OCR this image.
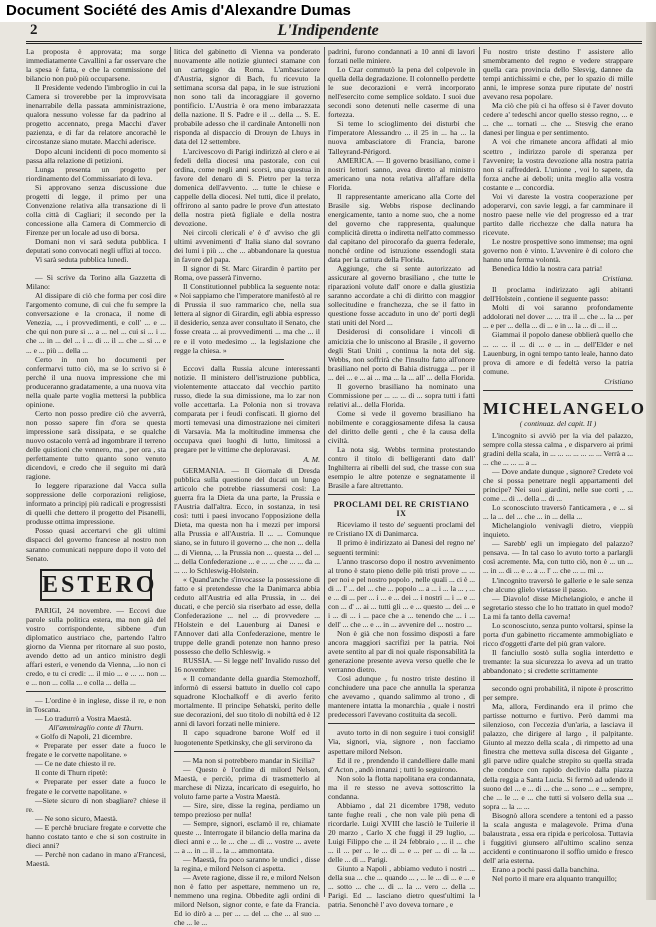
Document Société des Amis d'Alexandre Dumas
2	L'Indipendente

La proposta è approvata; ma sorge immediatamente Cavallini a far osservare che la spesa è fatta, e che la commissione del bilancio non può più occuparsene.

Il Presidente vedendo l'imbroglio in cui la Camera si troverebbe per la improvvisata inenarrabile della passata amministrazione, qualora nessuno volesse far da padrino al progetto accennato, prega Macchi d'aver pazienza, e di far da relatore ancorachè le circostanze siano mutate. Macchi aderisce.

Dopo alcuni incidenti di poco momento si passa alla relazione di petizioni.

Lunga presenta un progetto per riordinamento del Commissariato di leva.

Si approvano senza discussione due progetti di legge, il primo per una Convenzione relativa alla transazione di lì colla città di Cagliari; il secondo per la concessione alla Camera di Commercio di Firenze per un locale ad uso di borsa.

Domani non vi sarà seduta pubblica. I deputati sono convocati negli uffizi al tocco.

Vi sarà seduta pubblica lunedì.

— Si scrive da Torino alla Gazzetta di Milano:

Al dissipare di ciò che forma per così dire l'argomento comune, di cui che fu sempre la conversazione e la cronaca, il nome di Venezia, ..., i provvedimenti, e coll' ... e ... che qui non pure si ... a ... nel ... cui si ... i ... che ... in ... del ... i ... di ... il ... che ... si ... e ... e ... più ... della ...

Certo in non ho documenti per confermarvi tutto ciò, ma se lo scrivo si è perchè il una nuova impressione che mi produceranno gradatamente, a una nuova vita nella quale parte voglia mettersi la pubblica opinione.

Certo non posso predire ciò che avverrà, non posso sapere fin d'ora se questa impressione sarà dissipata, e se qualche nuovo ostacolo verrà ad ingombrare il terreno delle quistioni che vennero, ma , per ora , sta perfettamente tutto quanto sono venuto dicendovi, e credo che il seguito mi darà ragione.

Io leggere riparazione dal Vacca sulla soppressione delle corporazioni religiose, informato a principj più radicali e progressisti di quelli che dettero il progetto del Pisanelli, produsse ottima impressione.

Posso quasi accertarvi che gli ultimi dispacci del governo francese al nostro non saranno comunicati neppure dopo il voto del Senato.

ESTERO

PARIGI, 24 novembre. — Eccovi due parole sulla politica estera, ma non già del vostro corrispondente, sibbene d'un diplomatico austriaco che, partendo l'altro giorno da Vienna per ritornare al suo posto, avendo detto ad un antico ministro degli affari esteri, e venendo da Vienna, ...io non ci credo, e tu ci credi: ... il mio ... e ... ... non ... e ... non ... colla ... e colla ... della ...

— L'ordine è in inglese, disse il re, e non in Toscana.

— Lo tradurrò a Vostra Maestà.

All'ammiraglio conte di Thurn.

« Golfo di Napoli, 21 dicembre.

« Preparate per esser date a fuoco le fregate e le corvette napolitane. »

— Ce ne date chiesto il re.

Il conte di Thurn ripetè:

« Preparate per esser date a fuoco le fregate e le corvette napolitane. »

—Siete sicuro di non sbagliare? chiese il re.

— Ne sono sicuro, Maestà.

— E perchè bruciare fregate e corvette che hanno costato tanto e che si son costruite in dieci anni?

— Perchè non cadano in mano a'Francesi, Maestà.

litica del gabinetto di Vienna va ponderato nuovamente alle notizie giunteci stamane con un carteggio da Roma. L'ambasciatore d'Austria, signor di Bach, fu ricevuto la settimana scorsa dal papa, in le sue istruzioni non sono tali da incoraggiare il governo pontificio. L'Austria è ora meno imbarazzata della nazione. Il S. Padre e il ... della ... S. E. probabile adesso che il cardinale Antonelli non risponda al dispaccio di Drouyn de Lhuys in data del 12 settembre.

L'arcivescovo di Parigi indirizzò al clero e ai fedeli della diocesi una pastorale, con cui ordina, come negli anni scorsi, una questua in favore del denaro di S. Pietro per la terza domenica dell'avvento. ... tutte le chiese e cappelle della diocesi. Nel tutti, dice il prelato, offrirono al santo padre le prove d'un attestato della nostra pietà figliale e della nostra devozione.

Nei circoli clericali e' è d' avviso che gli ultimi avvenimenti d' Italia siano dal sovrano dei lumi i più ... che ... abbandonare la questua in favore del papa.

Il signor di St. Marc Girardin è partito per Roma, ove passerà l'inverno.

Il Constitutionnel pubblica la seguente nota: « Noi sappiamo che l'imperatore manifestò al re di Prussia il suo rammarico che, nella sua lettera al signor di Girardin, egli abbia espresso il desiderio, senza aver consultato il Senato, che fosse creata ... ai provvedimenti ... ma che ... il re e il voto medesimo ... la legislazione che regge la chiesa. »

Eccovi dalla Russia alcune interessanti notizie. Il ministero dell'istruzione pubblica, violentemente attaccato dal vecchio partito russo, diede la sua dimissione, ma lo zar non volle accettarla. La Polonia non si trovava comparata per i feudi confiscati. Il giorno del morti temevasi una dimostrazione nei cimiteri di Varsavia. Ma la moltitudine immensa che occupava quei luoghi di lutto, limitossi a pregare per le vittime che deploravasi.

A. M.

GERMANIA. — Il Giornale di Dresda pubblica sulla questione del ducati un lungo articolo che potrebbe riassumersi così: La guerra fra la Dieta da una parte, la Prussia e l'Austria dall'altra. Ecco, in sostanza, in tesi così: tutti i paesi invocano l'opposizione della Dieta, ma questa non ha i mezzi per imporsi alla Prussia e all'Austria. Il ... ... Comunque siano, se in futuro il governo ... che non ... della ... di Vienna, ... la Prussia non ... questa ... del ... ... della Confederazione ... e ... ... che ... ... da ... ... ... lo Schleswig-Holstein.

« Quand'anche s'invocasse la possessione di fatto e si pretendesse che la Danimarca abbia ceduto all'Austria ed alla Prussia, in ... dei ducati, e che perciò sia riserbato ad esse, della Confederazione ... nel ... di provvedere ... l'Holstein e del Lauenburg ai Danesi e l'Annover dati alla Confederazione, mentre le truppe delle grandi potenze non hanno preso possesso che dello Schleswig. »

RUSSIA. — Si legge nell' Invalido russo del 16 novembre:

« Il comandante della guardia Stemozhoff, informò di essersi battuto in duello col capo squadrone Klochalkoff e di averlo ferito mortalmente. Il principe Sehatski, perito delle sue decorazioni, del suo titolo di nobiltà ed è 12 anni di lavori forzati nelle miniere.

Il capo squadrone barone Wolf ed il luogotenente Spetkinsky, che gli servirono da

— Ma non si potrebbero mandar in Sicilia?

— Questo è l'ordine di milord Nelson, Maestà, e perciò, prima di trasmetterlo al marchese di Nizza, incaricato di eseguirlo, ho voluto farne parte a Vostra Maestà.

— Sire, sire, disse la regina, perdiamo un tempo prezioso per nulla!

— Sempre, signori, esclamò il re, chiamate queste ... Interrogate il bilancio della marina da dieci anni e ... le ... che ... di ... vostre ... avete ... a ... in ... il ... la ... ammontata.

— Maestà, fra poco saranno le undici , disse la regina, e milord Nelson ci aspetta.

— Avete ragione, disse il re, e milord Nelson non è fatto per aspettare, nemmeno un re, nemmeno una regina. Obbedite agli ordini di milord Nelson, signor conte, e fate da Francia. Ed io dirò a ... per ... ... del ... che ... al suo ... che ... le ...

padrini, furono condannati a 10 anni di lavori forzati nelle miniere.

Lo Czar commutò la pena del colpevole in quella della degradazione. Il colonnello perdette le sue decorazioni e verrà incorporato nell'esercito come semplice soldato. I suoi due secondi sono detenuti nelle caserme di una fortezza.

Si teme lo scioglimento dei disturbi che l'imperatore Alessandro ... il 25 in ... ha ... la nuova ambasciatore di Francia, barone Talleyrand-Périgord.

AMERICA. — Il governo brasiliano, come i nostri lettori sanno, avea diretto al ministro americano una nota relativa all'affare della Florida.

Il rappresentante americano alla Corte del Brasile sig. Webbs rispose declinando energicamente, tanto a nome suo, che a nome del governo che rappresenta, qualunque complicità diretta o indiretta nell'atto commesso dal capitano del pirocorafo da guerra federale, nonché ordine od istruzione essendogli stata data per la cattura della Florida.

Aggiunge, che si sente autorizzato ad assicurare al governo brasiliano , che tutte le riparazioni volute dall' onore e dalla giustizia saranno accordate a chi di diritto con maggior sollecitudine e franchezza, che se il fatto in questione fosse accaduto in uno de' porti degli stati uniti del Nord ...

Desiderosi di consolidare i vincoli di amicizia che lo uniscono al Brasile , il governo degli Stati Uniti , continua la nota del sig. Webbs, non soffrirà che l'insulto fatto all'onore brasiliano nel porto di Bahia distrugga ... per il ... dei ... e ... ai ... ma ... la ... all' ... della Florida.

Il governo brasiliano ha nominato una Commissione per ... ... ... di ... sopra tutti i fatti relativi al... della Florida.

Come si vede il governo brasiliano ha nobilmente e coraggiosamente difesa la causa del diritto delle genti , che è la causa della civiltà.

La nota sig. Webbs termina protestando contro il titolo di belligeranti dato dall' Inghilterra ai ribelli del sud, che trasse con sua esempio le altre potenze e segnatamente il Brasile a fare altrettanto.

PROCLAMI DEL RE CRISTIANO IX

Riceviamo il testo de' seguenti proclami del re Cristiano IX di Danimarca.

Il primo è indirizzato ai Danesi del regno ne' seguenti termini:

L'anno trascorso dopo il nostro avvenimento al trono è stato pieno delle più tristi prove ... ... per noi e pel nostro popolo , nelle quali ... ci è ... di ... l' ... del ... che ... popolo ... a ... i ... la ... , ... e ... di ... per ... i ... e ... dei ... i nostri ... i ... e ... con ... d' ... ai ... tutti gli ... e ... questo ... dei ... e i ... di ... i ... pace che a ... tenendo che ... i ... dell' ... che ... e ... in ... avvenire del ... nostro ...

Non è già che non fossimo disposti a fare ancora maggiori sacrifizi per la patria. Noi avete sentito al par di noi quale risponsabilità la generazione presente aveva verso quelle che le verranno dietro.

Così adunque , fu nostro triste destino il conchiudere una pace che annulla la speranza che avevamo , quando salimmo al trono , di mantenere intatta la monarchia , quale i nostri predecessori l'avevano costituita da secoli.

avuto torto in di non seguire i tuoi consigli! Via, signori, via, signore , non facciamo aspettare milord Nelson.

Ed il re , prendendo il candelliere dalle mani d' Acton , andò innanzi ; tutti lo seguirono.

Non solo la flotta napolitana era condannata, ma il re stesso ne aveva sottoscritto la condanna.

Abbiamo , dal 21 dicembre 1798, veduto tante fughe reali , che non vale più pena di ricordarle. Luigi XVIII che lasciò le Tuilerie il 20 marzo , Carlo X che fuggì il 29 luglio, ... Luigi Filippo che ... il 24 febbraio , ... il ... che ... il ... per ... le ... di ... e ... per ... di ... la ... delle ... di ... Parigi.

Giunto a Napoli , abbiamo veduto i nostri ... della sua ... che ... quando ... , ... le ... di ... e ... e ... sotto ... che ... di ... la ... vero ... della ... Parigi. Ed ... lasciano dietro quest'ultimi la patria. Senonchè l' avo doveva tornare , e

Fu nostro triste destino l' assistere allo smembramento del regno e vedere strappare quella cara provincia dello Slesvig, dannee da tempi antichissimi e che, per lo spazio di mille anni, le imprese sonza pure riputate de' nostri avevano resa popolare.

Ma ciò che più ci ha offeso si è l'aver dovuto cedere a' tedeschi ancor quello stesso regno, ... e ... che ... tornati ... che ... Stesvig che erano danesi per lingua e per sentimento.

A voi che rimanete ancora affidati al mio scettro , indirizzo parole di speranza per l'avvenire; la vostra devozione alla nostra patria non si raffredderà. L'unione , voi lo sapete, da forza anche ai deboli; unita meglio alla vostra costante e ... concordia.

Voi vi dareste la vostra cooperazione per adoperarvi, con savie leggi, a far camminare il nostro paese nelle vie del progresso ed a trar partito dalle ricchezze che dalla natura ha ricevute.

Le nostre prospettive sono immense; ma ogni governo non è vinto. L'avvenire è di coloro che hanno una ferma volontà.

Benedica Iddio la nostra cara patria!

Cristiana.

Il proclama indirizzato agli abitanti dell'Holstein , contiene il seguente passo:

Molti di voi saranno profondamente addolorati nel dover ... ... tra il ... che ... la ... per ... e per ... della ... di ... e in ... la ... di ... il ...

Giammai il popolo danese obblierà quello che ... ... ... il ... di ... e ... in ... dell'Elder e nel Lauenburg, in ogni tempo tanto leale, hanno dato prova di amore e di fedeltà verso la patria comune.

Cristiano
MICHELANGELO
( continuaz. del capit. II )

L'incognito si avviò per la via del palazzo, sempre colla stessa calma , e disparvero ai primi gradini della scala, in ... ... ... ... ... ... ... Verrà a ... ... che ... ... ... a ...

— Dove andate dunque , signore? Credete voi che si possa penetrare negli appartamenti del principe? Nei suoi giardini, nelle sue corti , ... come ... di ... della ... di ...

Lo sconosciuto traversò l'anticamera , e ... si ... la ... del ... che ... in ... della ...

Michelangiolo venivagli dietro, vieppiù inquieto.

— Sarebb' egli un impiegato del palazzo? pensava. — In tal caso lo avuto torto a parlargli così acremente. Ma, con tutto ciò, non è ... un ... ... in ... di ... e ... a ... l' ... che ... ... mi ...

L'incognito traversò le gallerie e le sale senza che alcuno glielo vietasse il passo.

— Diavolo! disse Michelangiolo, e anche il segretario stesso che lo ho trattato in quel modo? La mi fa tanto della caverna!

Lo sconosciuto, senza punto voltarsi, spinse la porta d'un gabinetto riccamente ammobigliato e ricco d'oggetti d'arte del più gran valore.

Il fanciullo sostò sulla soglia interdetto e tremante: la sua sicurezza lo aveva ad un tratto abbandonato ; si credette scrittamente

secondo ogni probabilità, il nipote è proscritto per sempre.

Ma, allora, Ferdinando era il primo che partisse notturno e furtivo. Però dammi ma silenzioso, con l'eccezia d'un'aria, a lasciava il palazzo, che dirigere al largo , il palpitante. Giunto al mezzo della scala , di rimpetto ad una finestra che metteva sulla discesa del Gigante , gli parve udire qualche strepito su quella strada che conduce con rapido declivio dalla piazza della reggia a Santa Lucia. Si fermò ad udendo il suono del ... e ... di ... che ... sono ... e ... sempre, che ... le ... e ... che tutti si volsero della sua ... sopra ... la ... ...

Bisognò allora scendere a tentoni ed a passo la scala angusta e malagevole. Prima d'una balaustrata , essa era ripida e pericolosa. Tuttavia i fuggitivi giunsero all'ultimo scalino senza accidenti e continuarono il soffio umido e fresco dell' aria esterna.

Erano a pochi passi dalla banchina.

Nel porto il mare era alquanto tranquillo;
